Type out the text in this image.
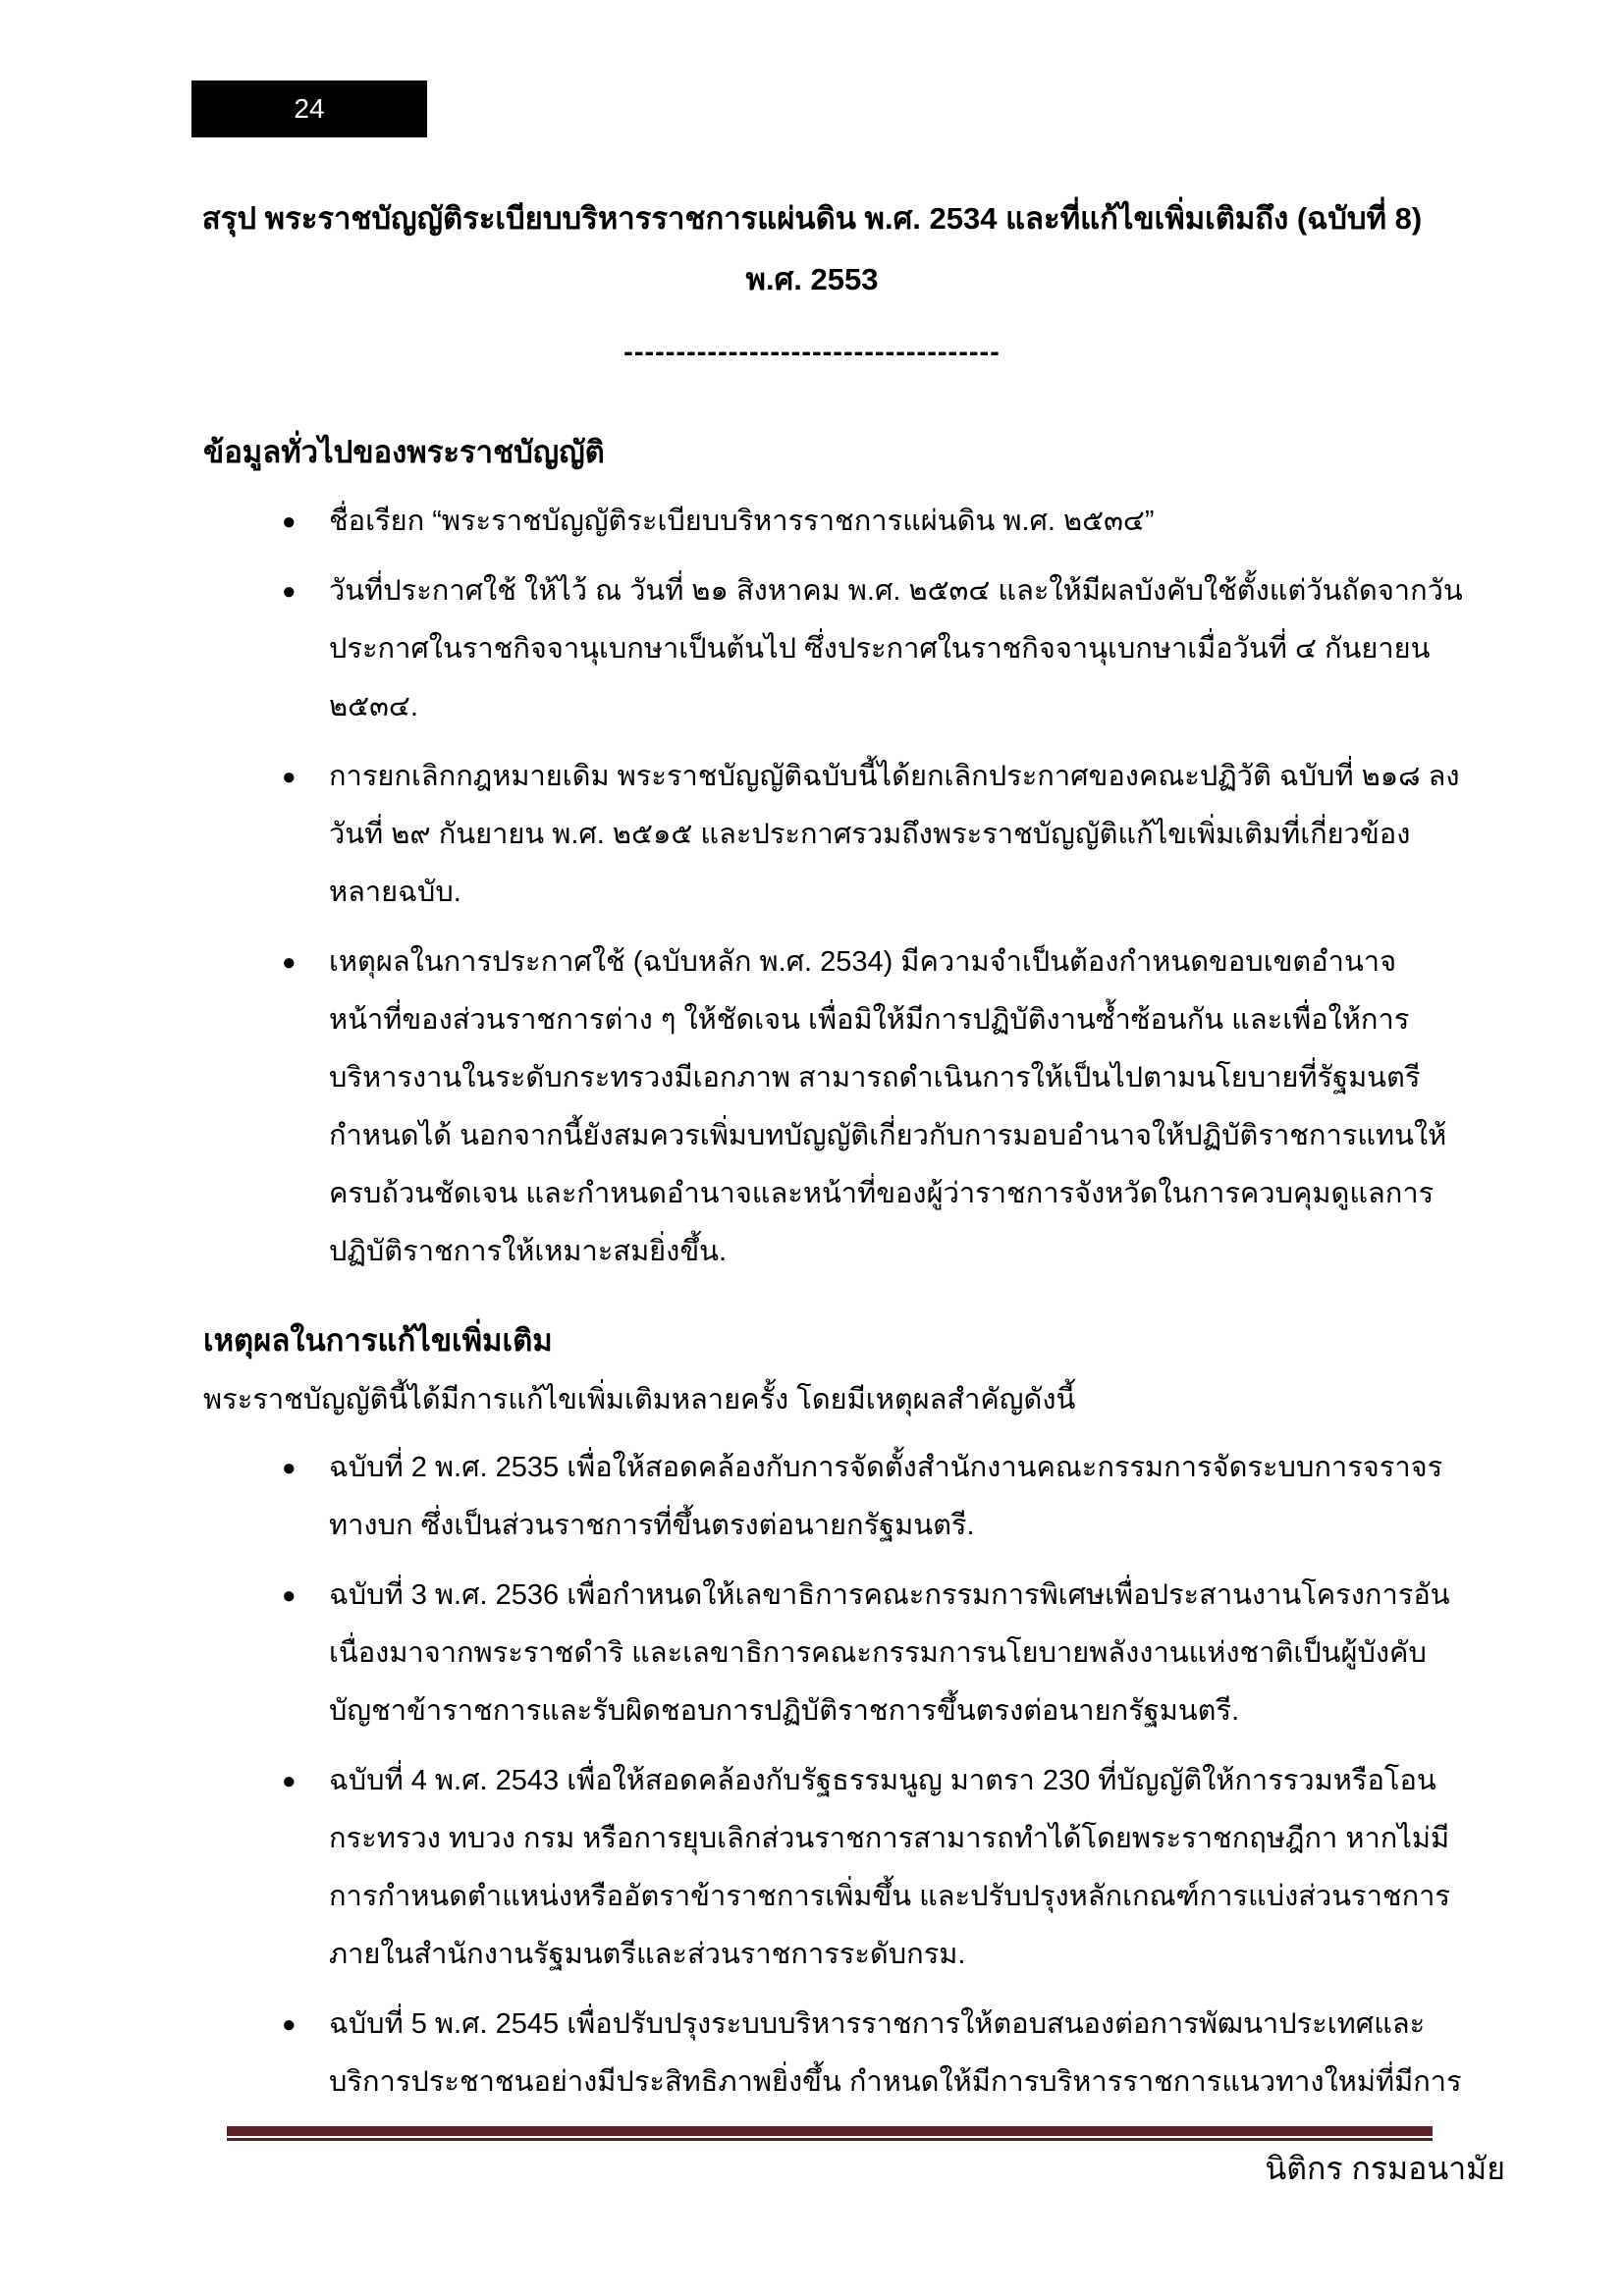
24
สรุป พระราชบัญญัติระเบียบบริหารราชการแผ่นดิน พ.ศ. 2534 และที่แก้ไขเพิ่มเติมถึง (ฉบับที่ 8)
พ.ศ. 2553
------------------------------------
ข้อมูลทั่วไปของพระราชบัญญัติ
● ชื่อเรียก “พระราชบัญญัติระเบียบบริหารราชการแผ่นดิน พ.ศ. ๒๕๓๔”
● วันที่ประกาศใช้ ให้ไว้ ณ วันที่ ๒๑ สิงหาคม พ.ศ. ๒๕๓๔ และให้มีผลบังคับใช้ตั้งแต่วันถัดจากวันประกาศในราชกิจจานุเบกษาเป็นต้นไป ซึ่งประกาศในราชกิจจานุเบกษาเมื่อวันที่ ๔ กันยายน ๒๕๓๔.
● การยกเลิกกฎหมายเดิม พระราชบัญญัติฉบับนี้ได้ยกเลิกประกาศของคณะปฏิวัติ ฉบับที่ ๒๑๘ ลงวันที่ ๒๙ กันยายน พ.ศ. ๒๕๑๕ และประกาศรวมถึงพระราชบัญญัติแก้ไขเพิ่มเติมที่เกี่ยวข้องหลายฉบับ.
● เหตุผลในการประกาศใช้ (ฉบับหลัก พ.ศ. 2534) มีความจำเป็นต้องกำหนดขอบเขตอำนาจหน้าที่ของส่วนราชการต่าง ๆ ให้ชัดเจน เพื่อมิให้มีการปฏิบัติงานซ้ำซ้อนกัน และเพื่อให้การบริหารงานในระดับกระทรวงมีเอกภาพ สามารถดำเนินการให้เป็นไปตามนโยบายที่รัฐมนตรีกำหนดได้ นอกจากนี้ยังสมควรเพิ่มบทบัญญัติเกี่ยวกับการมอบอำนาจให้ปฏิบัติราชการแทนให้ครบถ้วนชัดเจน และกำหนดอำนาจและหน้าที่ของผู้ว่าราชการจังหวัดในการควบคุมดูแลการปฏิบัติราชการให้เหมาะสมยิ่งขึ้น.
เหตุผลในการแก้ไขเพิ่มเติม

พระราชบัญญัตินี้ได้มีการแก้ไขเพิ่มเติมหลายครั้ง โดยมีเหตุผลสำคัญดังนี้

● ฉบับที่ 2 พ.ศ. 2535 เพื่อให้สอดคล้องกับการจัดตั้งสำนักงานคณะกรรมการจัดระบบการจราจรทางบก ซึ่งเป็นส่วนราชการที่ขึ้นตรงต่อนายกรัฐมนตรี.
● ฉบับที่ 3 พ.ศ. 2536 เพื่อกำหนดให้เลขาธิการคณะกรรมการพิเศษเพื่อประสานงานโครงการอันเนื่องมาจากพระราชดำริ และเลขาธิการคณะกรรมการนโยบายพลังงานแห่งชาติเป็นผู้บังคับบัญชาข้าราชการและรับผิดชอบการปฏิบัติราชการขึ้นตรงต่อนายกรัฐมนตรี.
● ฉบับที่ 4 พ.ศ. 2543 เพื่อให้สอดคล้องกับรัฐธรรมนูญ มาตรา 230 ที่บัญญัติให้การรวมหรือโอนกระทรวง ทบวง กรม หรือการยุบเลิกส่วนราชการสามารถทำได้โดยพระราชกฤษฎีกา หากไม่มีการกำหนดตำแหน่งหรืออัตราข้าราชการเพิ่มขึ้น และปรับปรุงหลักเกณฑ์การแบ่งส่วนราชการภายในสำนักงานรัฐมนตรีและส่วนราชการระดับกรม.
● ฉบับที่ 5 พ.ศ. 2545 เพื่อปรับปรุงระบบบริหารราชการให้ตอบสนองต่อการพัฒนาประเทศและบริการประชาชนอย่างมีประสิทธิภาพยิ่งขึ้น กำหนดให้มีการบริหารราชการแนวทางใหม่ที่มีการ
นิติกร กรมอนามัย
